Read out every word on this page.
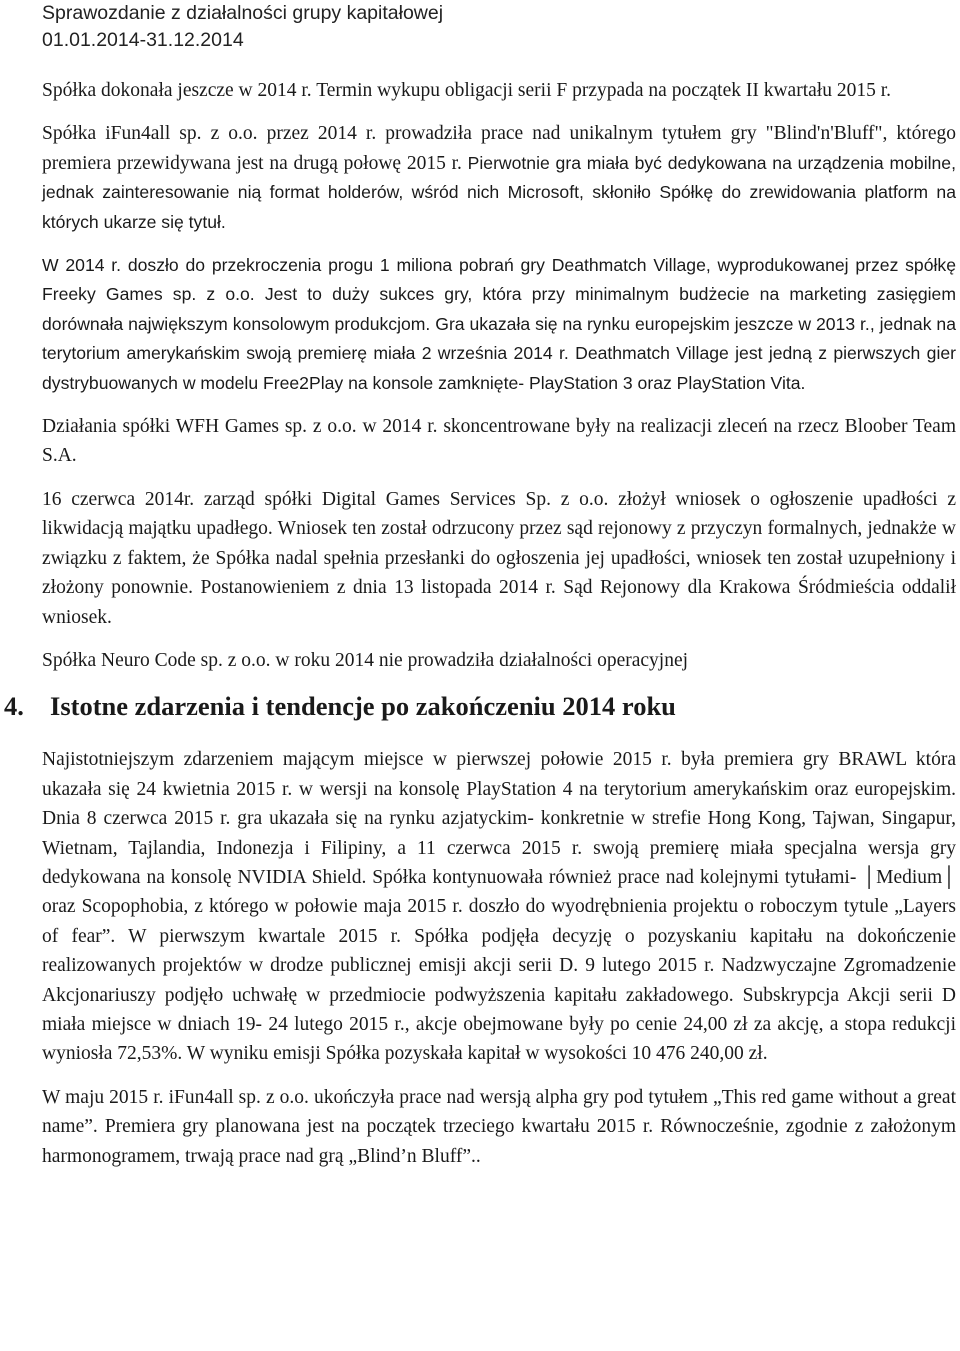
Sprawozdanie z działalności grupy kapitałowej
01.01.2014-31.12.2014

Spółka dokonała jeszcze w 2014 r. Termin wykupu obligacji serii F przypada na początek II kwartału 2015 r.

Spółka iFun4all sp. z o.o. przez 2014 r. prowadziła prace nad unikalnym tytułem gry "Blind'n'Bluff", którego premiera przewidywana jest na drugą połowę 2015 r. Pierwotnie gra miała być dedykowana na urządzenia mobilne, jednak zainteresowanie nią format holderów, wśród nich Microsoft, skłoniło Spółkę do zrewidowania platform na których ukarze się tytuł.

W 2014 r. doszło do przekroczenia progu 1 miliona pobrań gry Deathmatch Village, wyprodukowanej przez spółkę Freeky Games sp. z o.o. Jest to duży sukces gry, która przy minimalnym budżecie na marketing zasięgiem dorównała największym konsolowym produkcjom. Gra ukazała się na rynku europejskim jeszcze w 2013 r., jednak na terytorium amerykańskim swoją premierę miała 2 września 2014 r. Deathmatch Village jest jedną z pierwszych gier dystrybuowanych w modelu Free2Play na konsole zamknięte- PlayStation 3 oraz PlayStation Vita.

Działania spółki WFH Games sp. z o.o. w 2014 r. skoncentrowane były na realizacji zleceń na rzecz Bloober Team S.A.

16 czerwca 2014r. zarząd spółki Digital Games Services Sp. z o.o. złożył wniosek o ogłoszenie upadłości z likwidacją majątku upadłego. Wniosek ten został odrzucony przez sąd rejonowy z przyczyn formalnych, jednakże w związku z faktem, że Spółka nadal spełnia przesłanki do ogłoszenia jej upadłości, wniosek ten został uzupełniony i złożony ponownie. Postanowieniem z dnia 13 listopada 2014 r. Sąd Rejonowy dla Krakowa Śródmieścia oddalił wniosek.

Spółka Neuro Code sp. z o.o. w roku 2014 nie prowadziła działalności operacyjnej

4. Istotne zdarzenia i tendencje po zakończeniu 2014 roku

Najistotniejszym zdarzeniem mającym miejsce w pierwszej połowie 2015 r. była premiera gry BRAWL która ukazała się 24 kwietnia 2015 r. w wersji na konsolę PlayStation 4 na terytorium amerykańskim oraz europejskim. Dnia 8 czerwca 2015 r. gra ukazała się na rynku azjatyckim- konkretnie w strefie Hong Kong, Tajwan, Singapur, Wietnam, Tajlandia, Indonezja i Filipiny, a 11 czerwca 2015 r. swoją premierę miała specjalna wersja gry dedykowana na konsolę NVIDIA Shield. Spółka kontynuowała również prace nad kolejnymi tytułami- │Medium│ oraz Scopophobia, z którego w połowie maja 2015 r. doszło do wyodrębnienia projektu o roboczym tytule „Layers of fear”. W pierwszym kwartale 2015 r. Spółka podjęła decyzję o pozyskaniu kapitału na dokończenie realizowanych projektów w drodze publicznej emisji akcji serii D. 9 lutego 2015 r. Nadzwyczajne Zgromadzenie Akcjonariuszy podjęło uchwałę w przedmiocie podwyższenia kapitału zakładowego. Subskrypcja Akcji serii D miała miejsce w dniach 19- 24 lutego 2015 r., akcje obejmowane były po cenie 24,00 zł za akcję, a stopa redukcji wyniosła 72,53%. W wyniku emisji Spółka pozyskała kapitał w wysokości 10 476 240,00 zł.

W maju 2015 r. iFun4all sp. z o.o. ukończyła prace nad wersją alpha gry pod tytułem „This red game without a great name”. Premiera gry planowana jest na początek trzeciego kwartału 2015 r. Równocześnie, zgodnie z założonym harmonogramem, trwają prace nad grą „Blind’n Bluff”..
